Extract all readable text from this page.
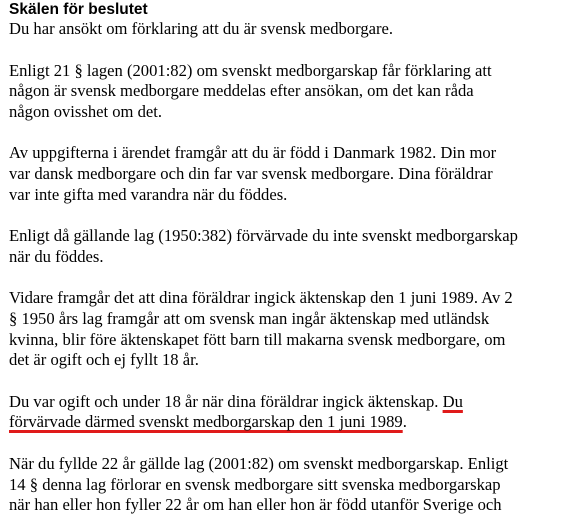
Skälen för beslutet

Du har ansökt om förklaring att du är svensk medborgare.

Enligt 21 § lagen (2001:82) om svenskt medborgarskap får förklaring att
någon är svensk medborgare meddelas efter ansökan, om det kan råda
någon ovisshet om det.

Av uppgifterna i ärendet framgår att du är född i Danmark 1982. Din mor
var dansk medborgare och din far var svensk medborgare. Dina föräldrar
var inte gifta med varandra när du föddes.

Enligt då gällande lag (1950:382) förvärvade du inte svenskt medborgarskap
när du föddes.

Vidare framgår det att dina föräldrar ingick äktenskap den 1 juni 1989. Av 2
§ 1950 års lag framgår att om svensk man ingår äktenskap med utländsk
kvinna, blir före äktenskapet fött barn till makarna svensk medborgare, om
det är ogift och ej fyllt 18 år.

Du var ogift och under 18 år när dina föräldrar ingick äktenskap. Du
förvärvade därmed svenskt medborgarskap den 1 juni 1989.

När du fyllde 22 år gällde lag (2001:82) om svenskt medborgarskap. Enligt
14 § denna lag förlorar en svensk medborgare sitt svenska medborgarskap
när han eller hon fyller 22 år om han eller hon är född utanför Sverige och
